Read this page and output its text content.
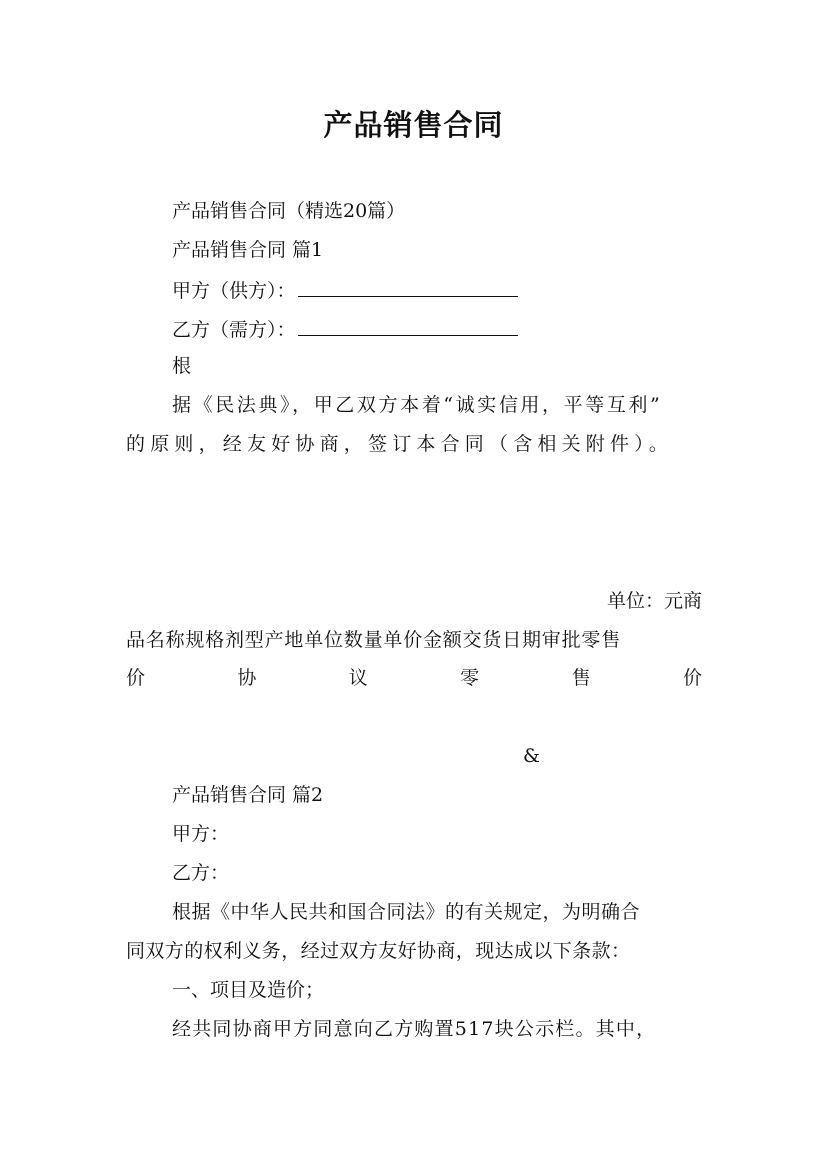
产品销售合同
产品销售合同（精选20篇）
产品销售合同 篇1
甲方（供方）：
乙方（需方）：
根
据《民法典》，甲乙双方本着“诚实信用，平等互利”
的原则，经友好协商，签订本合同（含相关附件）。
单位：元商
品名称规格剂型产地单位数量单价金额交货日期审批零售
价	协	议	零	售	价
&
产品销售合同 篇2
甲方：
乙方：
根据《中华人民共和国合同法》的有关规定，为明确合
同双方的权利义务，经过双方友好协商，现达成以下条款：
一、项目及造价；
经共同协商甲方同意向乙方购置517块公示栏。其中，
